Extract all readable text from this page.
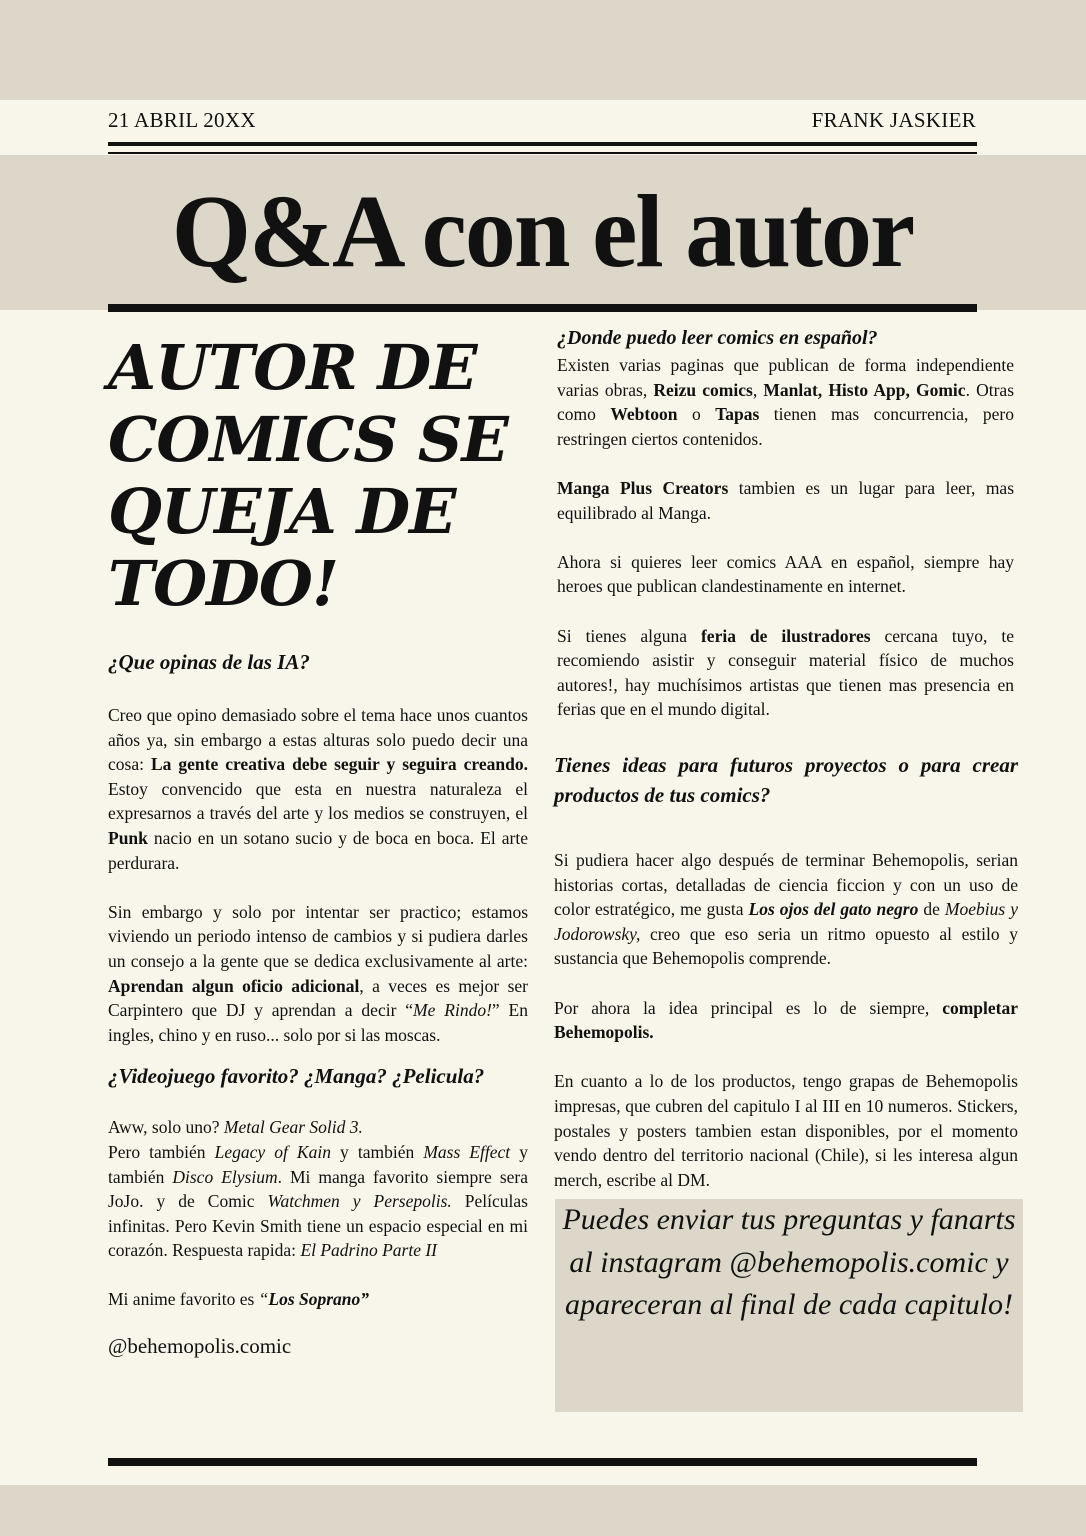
21 ABRIL 20XX	FRANK JASKIER
Q&A con el autor
AUTOR DE COMICS SE QUEJA DE TODO!

¿Que opinas de las IA?

Creo que opino demasiado sobre el tema hace unos cuantos años ya, sin embargo a estas alturas solo puedo decir una cosa: La gente creativa debe seguir y seguira creando. Estoy convencido que esta en nuestra naturaleza el expresarnos a través del arte y los medios se construyen, el Punk nacio en un sotano sucio y de boca en boca. El arte perdurara.

Sin embargo y solo por intentar ser practico; estamos viviendo un periodo intenso de cambios y si pudiera darles un consejo a la gente que se dedica exclusivamente al arte: Aprendan algun oficio adicional, a veces es mejor ser Carpintero que DJ y aprendan a decir “Me Rindo!” En ingles, chino y en ruso... solo por si las moscas.

¿Videojuego favorito? ¿Manga? ¿Pelicula?

Aww, solo uno? Metal Gear Solid 3.

Pero también Legacy of Kain y también Mass Effect y también Disco Elysium. Mi manga favorito siempre sera JoJo. y de Comic Watchmen y Persepolis. Películas infinitas. Pero Kevin Smith tiene un espacio especial en mi corazón. Respuesta rapida: El Padrino Parte II

Mi anime favorito es “Los Soprano”

@behemopolis.comic

¿Donde puedo leer comics en español?

Existen varias paginas que publican de forma independiente varias obras, Reizu comics, Manlat, Histo App, Gomic. Otras como Webtoon o Tapas tienen mas concurrencia, pero restringen ciertos contenidos.

Manga Plus Creators tambien es un lugar para leer, mas equilibrado al Manga.

Ahora si quieres leer comics AAA en español, siempre hay heroes que publican clandestinamente en internet.

Si tienes alguna feria de ilustradores cercana tuyo, te recomiendo asistir y conseguir material físico de muchos autores!, hay muchísimos artistas que tienen mas presencia en ferias que en el mundo digital.

Tienes ideas para futuros proyectos o para crear productos de tus comics?

Si pudiera hacer algo después de terminar Behemopolis, serian historias cortas, detalladas de ciencia ficcion y con un uso de color estratégico, me gusta Los ojos del gato negro de Moebius y Jodorowsky, creo que eso seria un ritmo opuesto al estilo y sustancia que Behemopolis comprende.

Por ahora la idea principal es lo de siempre, completar Behemopolis.

En cuanto a lo de los productos, tengo grapas de Behemopolis impresas, que cubren del capitulo I al III en 10 numeros. Stickers, postales y posters tambien estan disponibles, por el momento vendo dentro del territorio nacional (Chile), si les interesa algun merch, escribe al DM.

Puedes enviar tus preguntas y fanarts al instagram @behemopolis.comic y apareceran al final de cada capitulo!
